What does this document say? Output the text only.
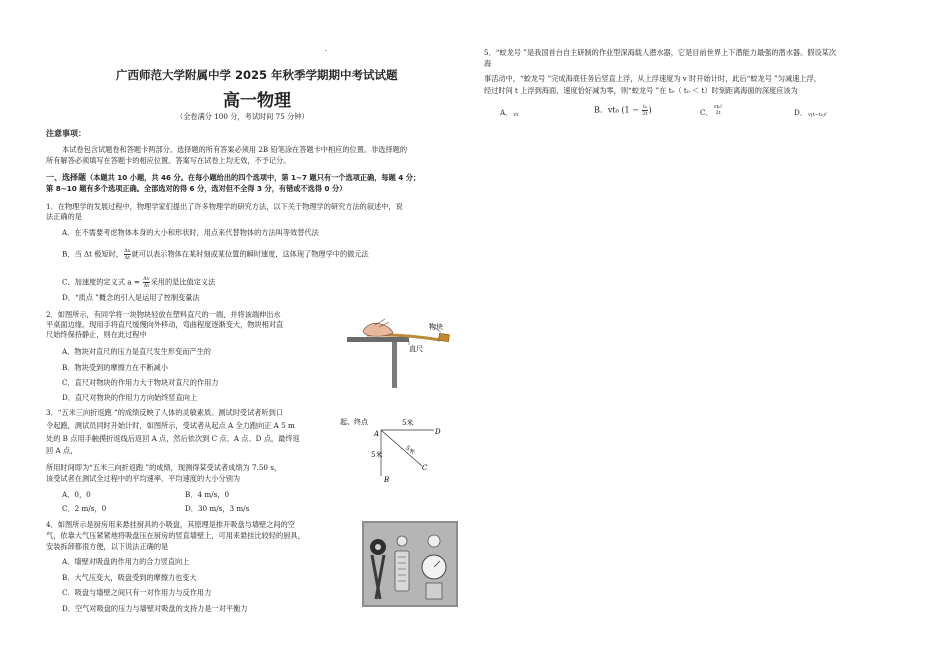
.
广西师范大学附属中学 2025 年秋季学期期中考试试题
高一物理
（全卷满分 100 分，考试时间 75 分钟）
注意事项：
本试卷包含试题卷和答题卡两部分。选择题的所有答案必须用 2B 铅笔涂在答题卡中相应的位置。非选择题的
所有解答必须填写在答题卡的相应位置。答案写在试卷上均无效，不予记分。
一、选择题（本题共 10 小题，共 46 分。在每小题给出的四个选项中，第 1~7 题只有一个选项正确，每题 4 分；
第 8~10 题有多个选项正确。全部选对的得 6 分，选对但不全得 3 分，有错或不选得 0 分）
1．在物理学的发展过程中，物理学家们提出了许多物理学的研究方法，以下关于物理学的研究方法的叙述中，说
法正确的是
A．在不需要考虑物体本身的大小和形状时，用点来代替物体的方法叫等效替代法
B．当 Δt 极短时， $\frac{\Delta x}{\Delta t}$ 就可以表示物体在某时刻或某位置的瞬时速度，这体现了物理学中的微元法
C．加速度的定义式 $a = \frac{\Delta v}{\Delta t}$ 采用的是比值定义法
D．“质点 ”概念的引入是运用了控制变量法
2．如图所示，有同学将一块物块轻放在塑料直尺的一端，并将该端伸出水
平桌面边缘。现用手将直尺缓慢向外移动，弯曲程度逐渐变大，物块相对直
尺始终保持静止，则在此过程中
A．物块对直尺的压力是直尺发生形变而产生的
B．物块受到的摩擦力在不断减小
C．直尺对物块的作用力大于物块对直尺的作用力
D．直尺对物块的作用力方向始终竖直向上
物块
直尺
3．“五米三向折返跑 ”的成绩反映了人体的灵敏素质。测试时受试者听到口
令起跑，测试员同时开始计时，如图所示，受试者从起点 A 全力跑向正 A 5 m
处的 B 点用手触摸折返线后返回 A 点，然后依次到 C 点、A 点、D 点，最终返
回 A 点，
所用时间即为“五米三向折返跑 ”的成绩，现测得某受试者成绩为 7.50 s，
该受试者在测试全过程中的平均速率、平均速度的大小分别为
A．0，0	B．4 m/s，0
C．2 m/s，0	D．30 m/s，3 m/s
起、终点
A
B
C
D
5米
5米	5米
4．如图所示是厨房用来悬挂厨具的小吸盘，其原理是排开吸盘与墙壁之间的空
气，依靠大气压紧紧地将吸盘压在厨房的竖直墙壁上，可用来悬挂比较轻的厨具，
安装拆卸都很方便，以下说法正确的是
A．墙壁对吸盘的作用力的合力竖直向上
B．大气压变大，吸盘受到的摩擦力也变大
C．吸盘与墙壁之间只有一对作用力与反作用力
D．空气对吸盘的压力与墙壁对吸盘的支持力是一对平衡力
5．“蛟龙号 ”是我国首台自主研制的作业型深海载人潜水器，它是目前世界上下潜能力最强的潜水器。假设某次
海
事活动中，“蛟龙号 ”完成海底任务后竖直上浮，从上浮速度为 v 时开始计时，此后“蛟龙号 ”匀减速上浮，
经过时间 t 上浮到海面，速度恰好减为零，则“蛟龙号 ”在 t₀（ t₀ ＜ t）时刻距离海面的深度应该为
A． vt
B．vt₀ ($1 - \frac{\text{t₀}}{2t}$ )	C．
vt₀²
2t	D． v(t−t₀)²
